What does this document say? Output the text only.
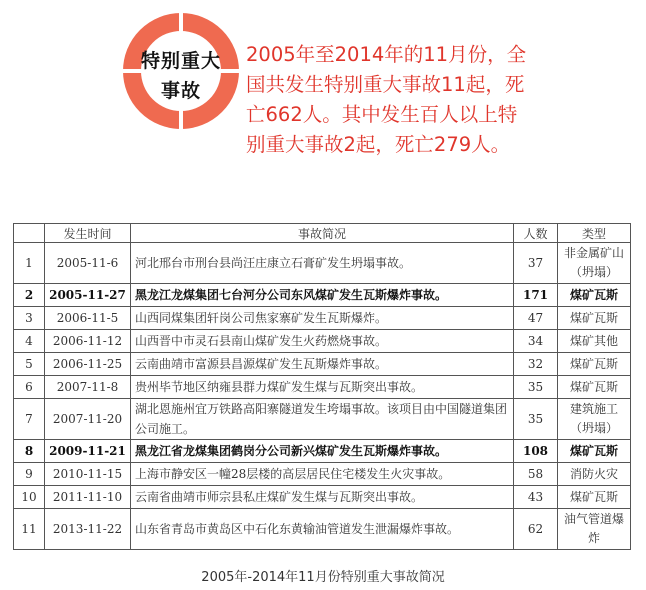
特别重大
事故
2005年至2014年的11月份，全国共发生特别重大事故11起，死亡662人。其中发生百人以上特别重大事故2起，死亡279人。
	发生时间	事故简况	人数	类型
1	2005-11-6	河北邢台市刑台县尚汪庄康立石膏矿发生坍塌事故。	37	非金属矿山（坍塌）
2	2005-11-27	黑龙江龙煤集团七台河分公司东风煤矿发生瓦斯爆炸事故。	171	煤矿瓦斯
3	2006-11-5	山西同煤集团轩岗公司焦家寨矿发生瓦斯爆炸。	47	煤矿瓦斯
4	2006-11-12	山西晋中市灵石县南山煤矿发生火药燃烧事故。	34	煤矿其他
5	2006-11-25	云南曲靖市富源县昌源煤矿发生瓦斯爆炸事故。	32	煤矿瓦斯
6	2007-11-8	贵州毕节地区纳雍县群力煤矿发生煤与瓦斯突出事故。	35	煤矿瓦斯
7	2007-11-20	湖北恩施州宜万铁路高阳寨隧道发生垮塌事故。该项目由中国隧道集团公司施工。	35	建筑施工（坍塌）
8	2009-11-21	黑龙江省龙煤集团鹤岗分公司新兴煤矿发生瓦斯爆炸事故。	108	煤矿瓦斯
9	2010-11-15	上海市静安区一幢28层楼的高层居民住宅楼发生火灾事故。	58	消防火灾
10	2011-11-10	云南省曲靖市师宗县私庄煤矿发生煤与瓦斯突出事故。	43	煤矿瓦斯
11	2013-11-22	山东省青岛市黄岛区中石化东黄输油管道发生泄漏爆炸事故。	62	油气管道爆炸
2005年-2014年11月份特别重大事故简况
